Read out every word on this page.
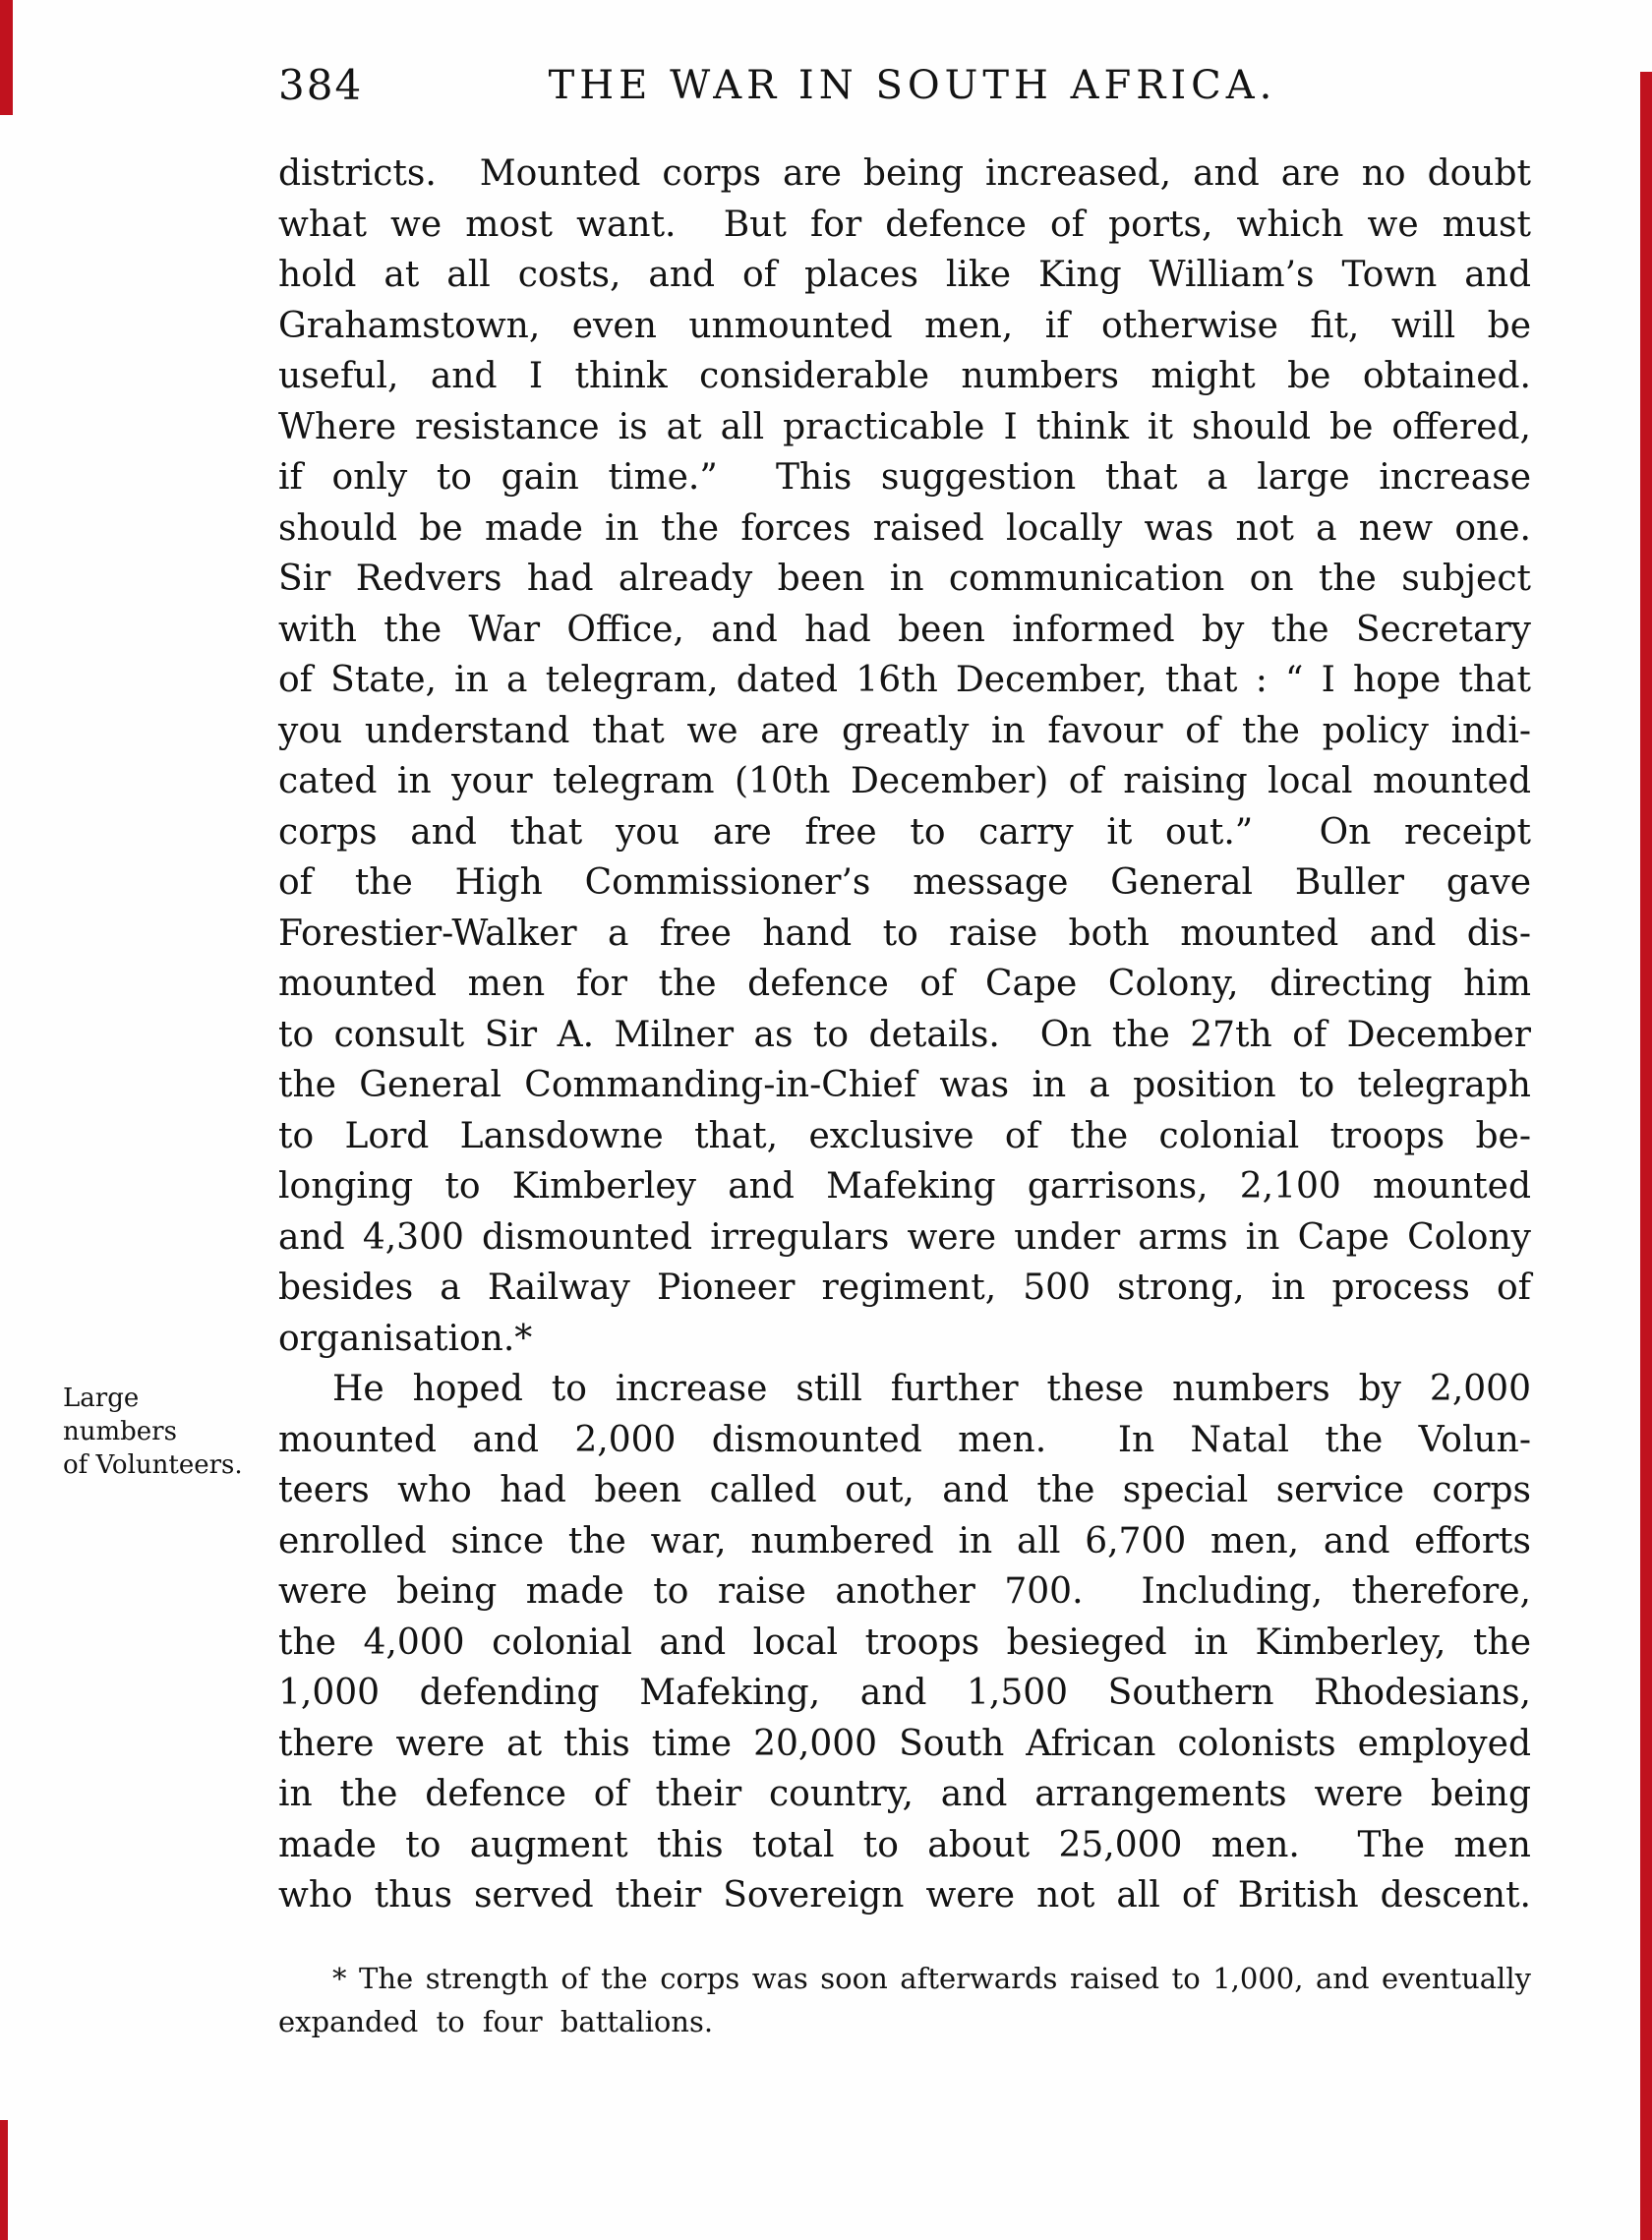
384	THE WAR IN SOUTH AFRICA.
Large
numbers
of Volunteers.
districts.  Mounted corps are being increased, and are no doubt
what we most want.  But for defence of ports, which we must
hold at all costs, and of places like King William’s Town and
Grahamstown, even unmounted men, if otherwise fit, will be
useful, and I think considerable numbers might be obtained.
Where resistance is at all practicable I think it should be offered,
if only to gain time.”  This suggestion that a large increase
should be made in the forces raised locally was not a new one.
Sir Redvers had already been in communication on the subject
with the War Office, and had been informed by the Secretary
of State, in a telegram, dated 16th December, that : “ I hope that
you understand that we are greatly in favour of the policy indi-
cated in your telegram (10th December) of raising local mounted
corps and that you are free to carry it out.”  On receipt
of the High Commissioner’s message General Buller gave
Forestier-Walker a free hand to raise both mounted and dis-
mounted men for the defence of Cape Colony, directing him
to consult Sir A. Milner as to details.  On the 27th of December
the General Commanding-in-Chief was in a position to telegraph
to Lord Lansdowne that, exclusive of the colonial troops be-
longing to Kimberley and Mafeking garrisons, 2,100 mounted
and 4,300 dismounted irregulars were under arms in Cape Colony
besides a Railway Pioneer regiment, 500 strong, in process of
organisation.*
He hoped to increase still further these numbers by 2,000
mounted and 2,000 dismounted men.  In Natal the Volun-
teers who had been called out, and the special service corps
enrolled since the war, numbered in all 6,700 men, and efforts
were being made to raise another 700.  Including, therefore,
the 4,000 colonial and local troops besieged in Kimberley, the
1,000 defending Mafeking, and 1,500 Southern Rhodesians,
there were at this time 20,000 South African colonists employed
in the defence of their country, and arrangements were being
made to augment this total to about 25,000 men.  The men
who thus served their Sovereign were not all of British descent.
* The strength of the corps was soon afterwards raised to 1,000, and eventually
expanded to four battalions.
